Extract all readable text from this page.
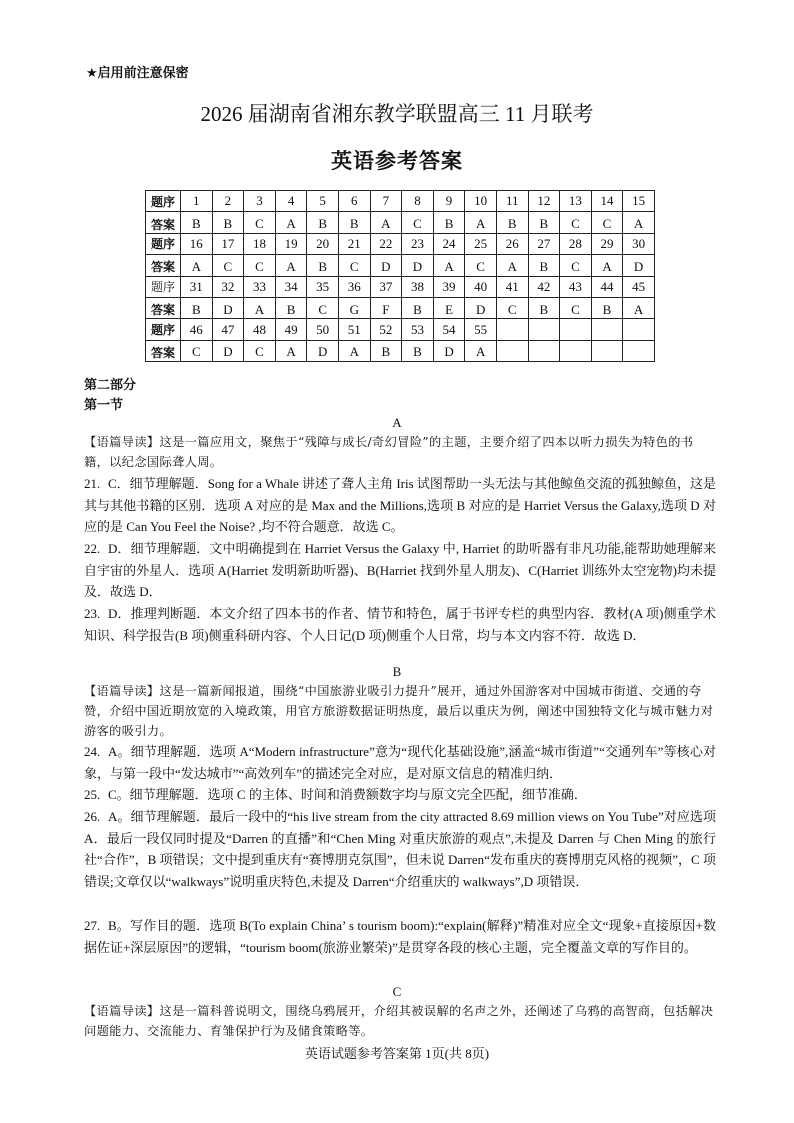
★启用前注意保密
2026 届湖南省湘东教学联盟高三 11 月联考
英语参考答案
题序	1	2	3	4	5	6	7	8	9	10	11	12	13	14	15
答案	B	B	C	A	B	B	A	C	B	A	B	B	C	C	A
题序	16	17	18	19	20	21	22	23	24	25	26	27	28	29	30
答案	A	C	C	A	B	C	D	D	A	C	A	B	C	A	D
题序	31	32	33	34	35	36	37	38	39	40	41	42	43	44	45
答案	B	D	A	B	C	G	F	B	E	D	C	B	C	B	A
题序	46	47	48	49	50	51	52	53	54	55					
答案	C	D	C	A	D	A	B	B	D	A					
第二部分
第一节
A
【语篇导读】这是一篇应用文，聚焦于“残障与成长/奇幻冒险”的主题，主要介绍了四本以听力损失为特色的书籍，以纪念国际聋人周。
21. C．细节理解题．Song for a Whale 讲述了聋人主角 Iris 试图帮助一头无法与其他鲸鱼交流的孤独鲸鱼，这是其与其他书籍的区别．选项 A 对应的是 Max and the Millions,选项 B 对应的是 Harriet Versus the Galaxy,选项 D 对应的是 Can You Feel the Noise? ,均不符合题意．故选 C。
22. D．细节理解题．文中明确提到在 Harriet Versus the Galaxy 中, Harriet 的助听器有非凡功能,能帮助她理解来自宇宙的外星人．选项 A(Harriet 发明新助听器)、B(Harriet 找到外星人朋友)、C(Harriet 训练外太空宠物)均未提及．故选 D．
23. D．推理判断题．本文介绍了四本书的作者、情节和特色，属于书评专栏的典型内容．教材(A 项)侧重学术知识、科学报告(B 项)侧重科研内容、个人日记(D 项)侧重个人日常，均与本文内容不符．故选 D．
B
【语篇导读】这是一篇新闻报道，围绕“中国旅游业吸引力提升”展开，通过外国游客对中国城市街道、交通的夸赞，介绍中国近期放宽的入境政策，用官方旅游数据证明热度，最后以重庆为例，阐述中国独特文化与城市魅力对游客的吸引力。
24. A。细节理解题．选项 A“Modern infrastructure”意为“现代化基础设施”,涵盖“城市街道”“交通列车”等核心对象，与第一段中“发达城市”“高效列车”的描述完全对应，是对原文信息的精准归纳．
25. C。细节理解题．选项 C 的主体、时间和消费额数字均与原文完全匹配，细节准确．
26. A。细节理解题．最后一段中的“his live stream from the city attracted 8.69 million views on You Tube”对应选项 A．最后一段仅同时提及“Darren 的直播”和“Chen Ming 对重庆旅游的观点”,未提及 Darren 与 Chen Ming 的旅行社“合作”，B 项错误；文中提到重庆有“赛博朋克氛围”，但未说 Darren“发布重庆的赛博朋克风格的视频”，C 项错误;文章仅以“walkways”说明重庆特色,未提及 Darren“介绍重庆的 walkways”,D 项错误．
27. B。写作目的题．选项 B(To explain China’ s tourism boom):“explain(解释)”精准对应全文“现象+直接原因+数据佐证+深层原因”的逻辑，“tourism boom(旅游业繁荣)”是贯穿各段的核心主题，完全覆盖文章的写作目的。
C
【语篇导读】这是一篇科普说明文，围绕乌鸦展开，介绍其被误解的名声之外，还阐述了乌鸦的高智商，包括解决问题能力、交流能力、育雏保护行为及储食策略等。
英语试题参考答案第 1页(共 8页)
